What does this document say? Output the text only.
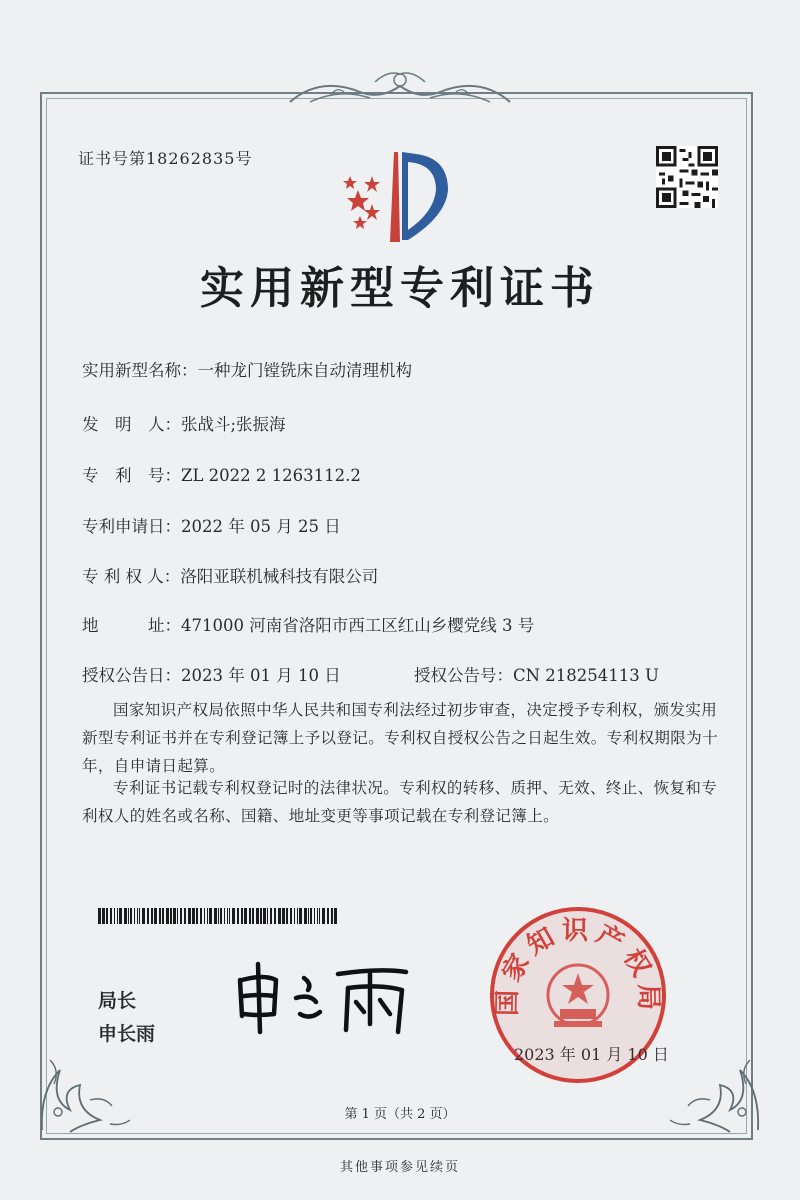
证书号第18262835号
实用新型专利证书
实用新型名称：一种龙门镗铣床自动清理机构
发　明　人：张战斗;张振海
专　利　号：ZL 2022 2 1263112.2
专利申请日：2022 年 05 月 25 日
专 利 权 人：洛阳亚联机械科技有限公司
地　　　址：471000 河南省洛阳市西工区红山乡樱党线 3 号
授权公告日：2023 年 01 月 10 日	授权公告号：CN 218254113 U
国家知识产权局依照中华人民共和国专利法经过初步审查，决定授予专利权，颁发实用新型专利证书并在专利登记簿上予以登记。专利权自授权公告之日起生效。专利权期限为十年，自申请日起算。
专利证书记载专利权登记时的法律状况。专利权的转移、质押、无效、终止、恢复和专利权人的姓名或名称、国籍、地址变更等事项记载在专利登记簿上。
局长
申长雨
国家知识产权局
2023 年 01 月 10 日
第 1 页（共 2 页）
其他事项参见续页
